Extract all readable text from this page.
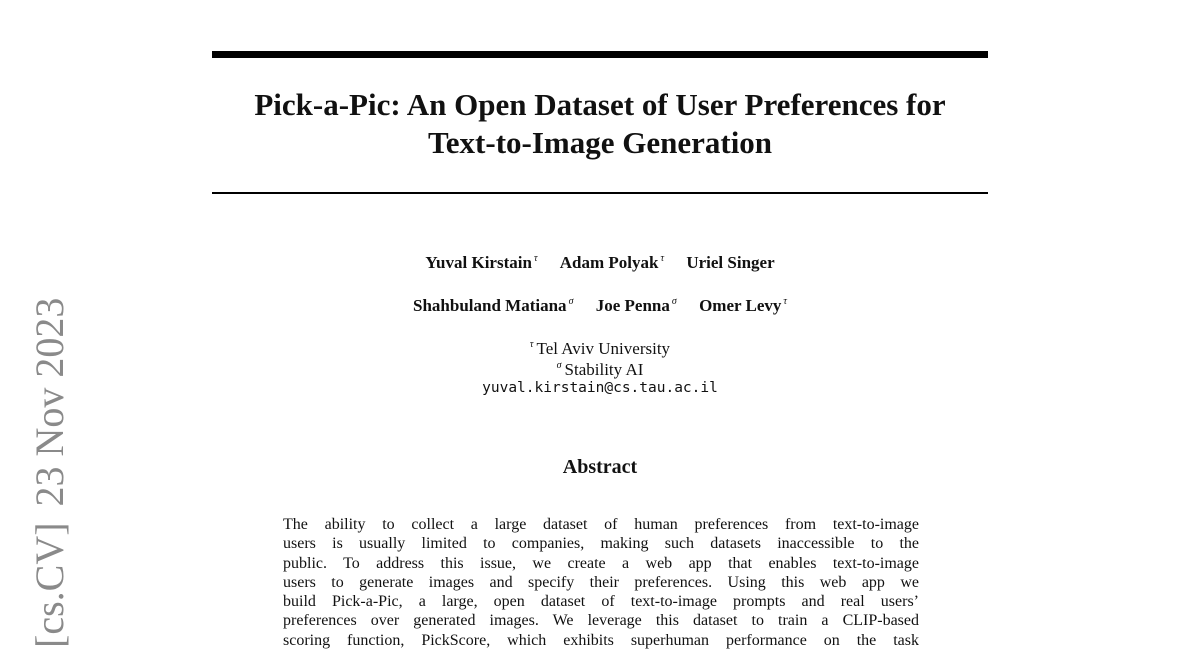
Pick-a-Pic: An Open Dataset of User Preferences for
Text-to-Image Generation
Yuval Kirstain $^\tau$ Adam Polyak $^\tau$ Uriel Singer
Shahbuland Matiana $^\sigma$ Joe Penna $^\sigma$ Omer Levy $^\tau$
$^\tau$ Tel Aviv University
$^\sigma$ Stability AI
yuval.kirstain@cs.tau.ac.il
Abstract
The ability to collect a large dataset of human preferences from text-to-image
users is usually limited to companies, making such datasets inaccessible to the
public. To address this issue, we create a web app that enables text-to-image
users to generate images and specify their preferences. Using this web app we
build Pick-a-Pic, a large, open dataset of text-to-image prompts and real users’
preferences over generated images. We leverage this dataset to train a CLIP-based
scoring function, PickScore, which exhibits superhuman performance on the task
[cs.CV]23 Nov 2023
